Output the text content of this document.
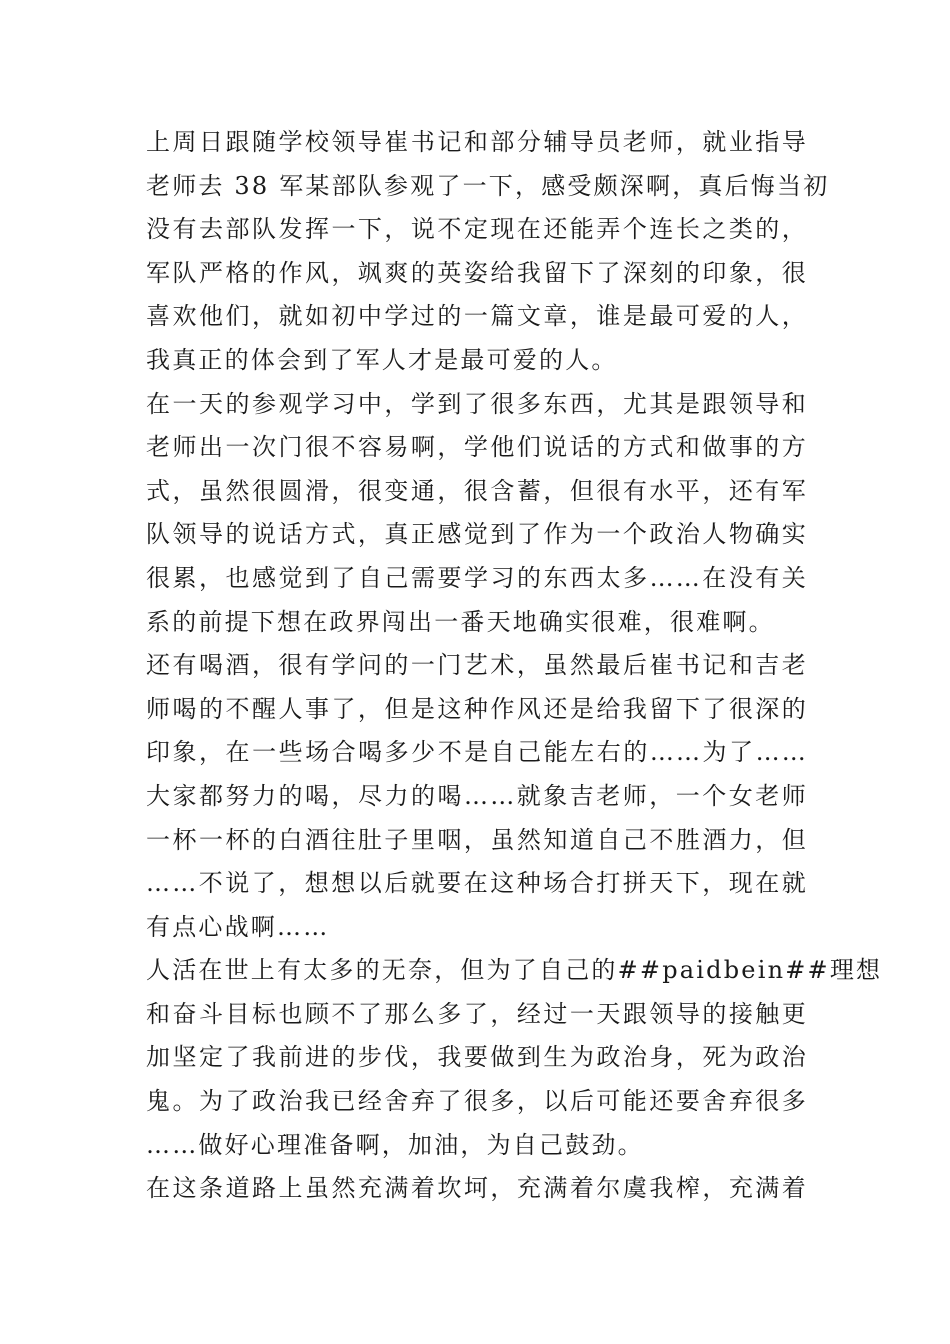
上周日跟随学校领导崔书记和部分辅导员老师，就业指导
老师去 38 军某部队参观了一下，感受颇深啊，真后悔当初
没有去部队发挥一下，说不定现在还能弄个连长之类的，
军队严格的作风，飒爽的英姿给我留下了深刻的印象，很
喜欢他们，就如初中学过的一篇文章，谁是最可爱的人，
我真正的体会到了军人才是最可爱的人。
在一天的参观学习中，学到了很多东西，尤其是跟领导和
老师出一次门很不容易啊，学他们说话的方式和做事的方
式，虽然很圆滑，很变通，很含蓄，但很有水平，还有军
队领导的说话方式，真正感觉到了作为一个政治人物确实
很累，也感觉到了自己需要学习的东西太多……在没有关
系的前提下想在政界闯出一番天地确实很难，很难啊。
还有喝酒，很有学问的一门艺术，虽然最后崔书记和吉老
师喝的不醒人事了，但是这种作风还是给我留下了很深的
印象，在一些场合喝多少不是自己能左右的……为了……
大家都努力的喝，尽力的喝……就象吉老师，一个女老师
一杯一杯的白酒往肚子里咽，虽然知道自己不胜酒力，但
……不说了，想想以后就要在这种场合打拼天下，现在就
有点心战啊……
人活在世上有太多的无奈，但为了自己的##paidbein##理想
和奋斗目标也顾不了那么多了，经过一天跟领导的接触更
加坚定了我前进的步伐，我要做到生为政治身，死为政治
鬼。为了政治我已经舍弃了很多，以后可能还要舍弃很多
……做好心理准备啊，加油，为自己鼓劲。
在这条道路上虽然充满着坎坷，充满着尔虞我榨，充满着
